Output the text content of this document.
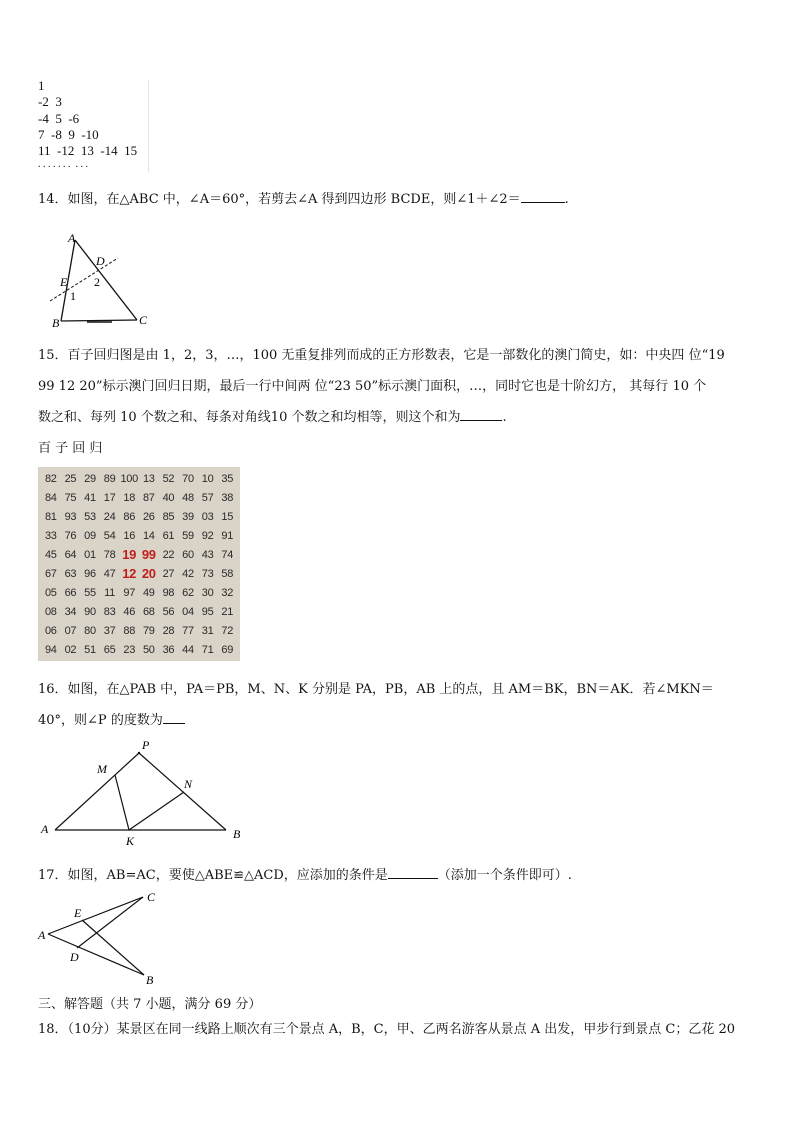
1
-2  3
-4  5  -6
7  -8  9  -10
11  -12  13  -14  15
. . . . . . .  . . .
14．如图，在△ABC 中，∠A＝60°，若剪去∠A 得到四边形 BCDE，则∠1＋∠2＝	.
A
B	C
D
E
1
2
15．百子回归图是由 1，2，3，…，100 无重复排列而成的正方形数表，它是一部数化的澳门简史，如：中央四 位“19
99 12 20”标示澳门回归日期，最后一行中间两 位“23 50”标示澳门面积，…，同时它也是十阶幻方， 其每行 10 个
数之和、每列 10 个数之和、每条对角线10 个数之和均相等，则这个和为	.
百 子 回 归
82 25 29 89 100 13 52 70 10 35
84 75 41 17 18 87 40 48 57 38
81 93 53 24 86 26 85 39 03 15
33 76 09 54 16 14 61 59 92 91
45 64 01 78 19 99 22 60 43 74
67 63 96 47 12 20 27 42 73 58
05 66 55 11 97 49 98 62 30 32
08 34 90 83 46 68 56 04 95 21
06 07 80 37 88 79 28 77 31 72
94 02 51 65 23 50 36 44 71 69
16．如图，在△PAB 中，PA＝PB，M、N、K 分别是 PA，PB，AB 上的点，且 AM＝BK，BN＝AK．若∠MKN＝
40°，则∠P 的度数为
P
M
N
A
K	B
17．如图，AB=AC，要使△ABE≌△ACD，应添加的条件是	（添加一个条件即可）.
A
E
D
C
B
三、解答题（共 7 小题，满分 69 分）
18．（10分）某景区在同一线路上顺次有三个景点 A，B，C，甲、乙两名游客从景点 A 出发，甲步行到景点 C；乙花 20
